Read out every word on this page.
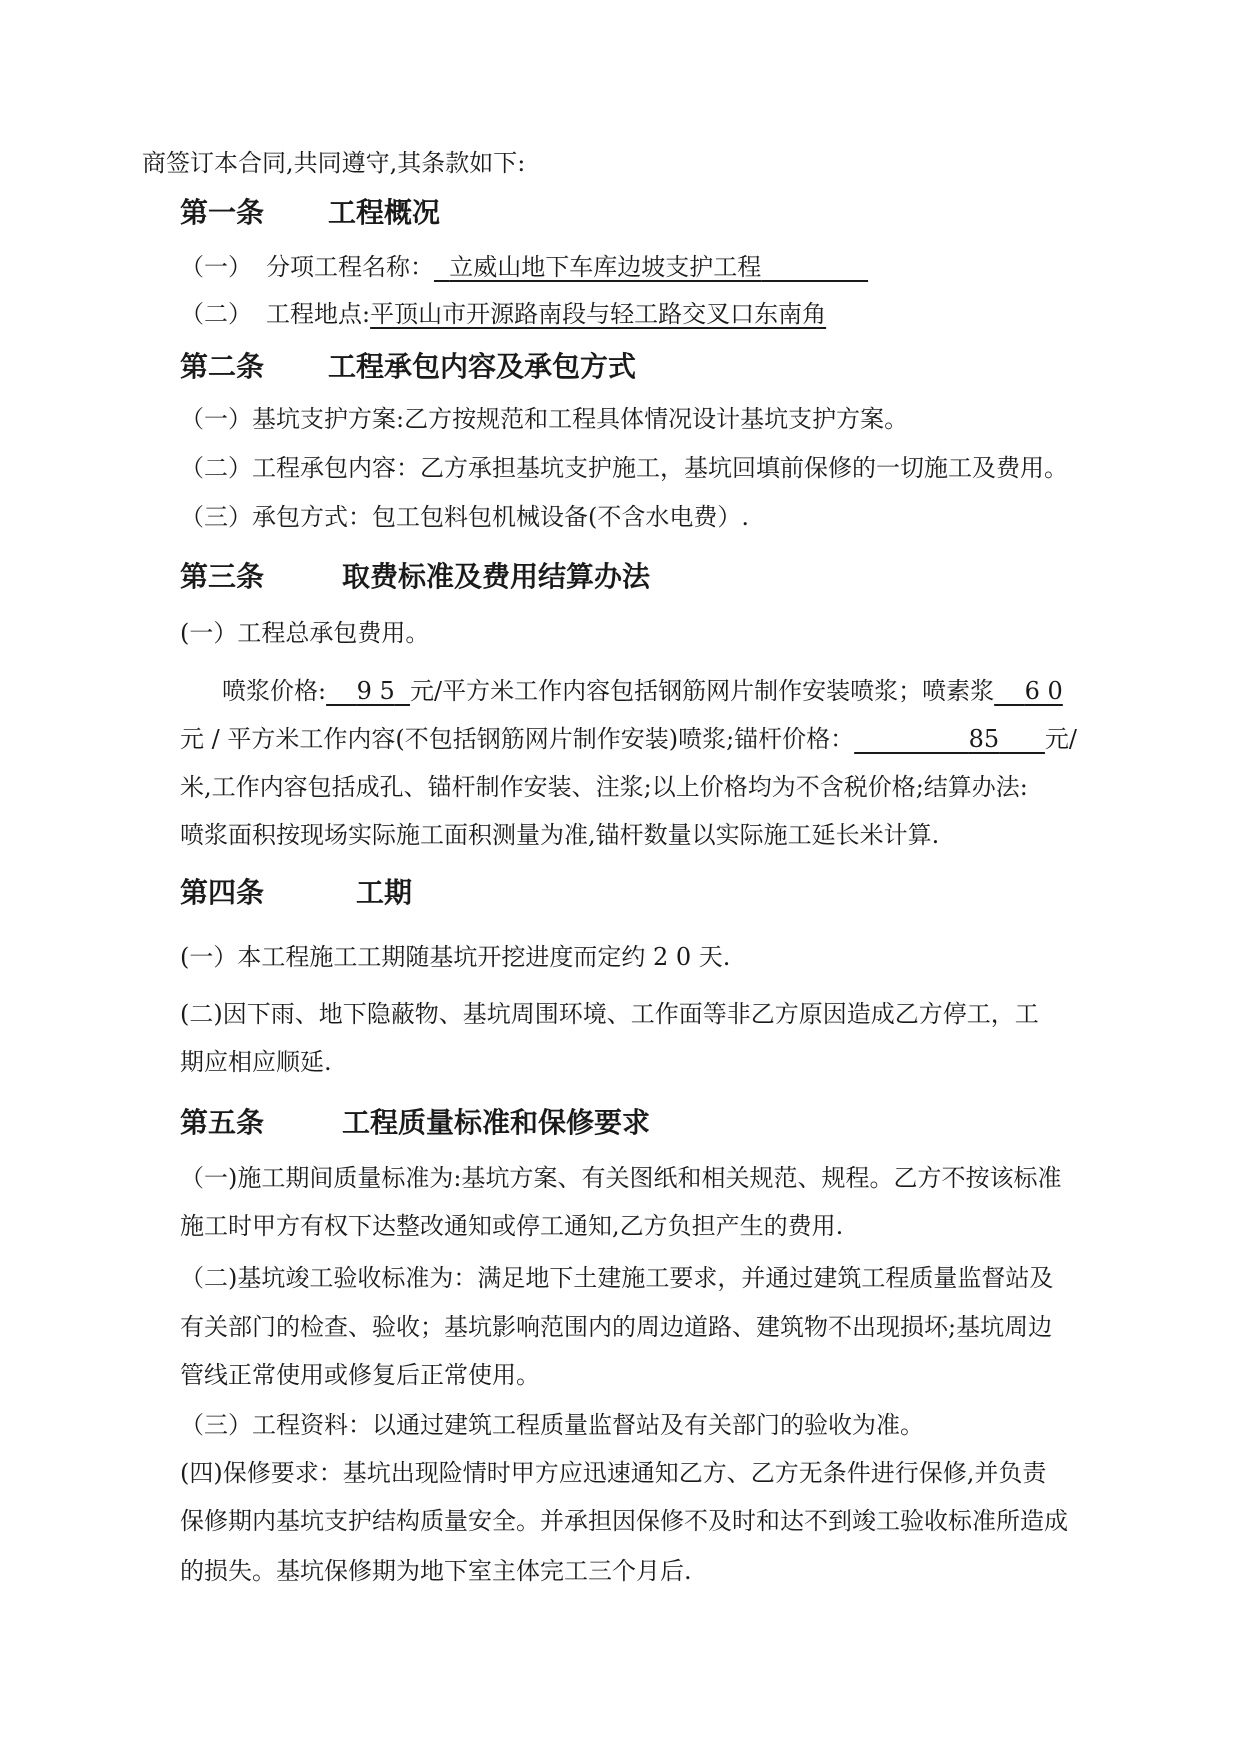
商签订本合同,共同遵守,其条款如下:
第一条 工程概况
（一） 分项工程名称： 立威山地下车库边坡支护工程
（二） 工程地点:平顶山市开源路南段与轻工路交叉口东南角
第二条 工程承包内容及承包方式
（一）基坑支护方案:乙方按规范和工程具体情况设计基坑支护方案。
（二）工程承包内容：乙方承担基坑支护施工，基坑回填前保修的一切施工及费用。
（三）承包方式：包工包料包机械设备(不含水电费）.
第三条	取费标准及费用结算办法
(一）工程总承包费用。
喷浆价格: 9 5 元/平方米工作内容包括钢筋网片制作安装喷浆；喷素浆 6 0
元 / 平方米工作内容(不包括钢筋网片制作安装)喷浆;锚杆价格：	85 元/
米,工作内容包括成孔、锚杆制作安装、注浆;以上价格均为不含税价格;结算办法:
喷浆面积按现场实际施工面积测量为准,锚杆数量以实际施工延长米计算.
第四条	工期
(一）本工程施工工期随基坑开挖进度而定约 2 0 天.
(二)因下雨、地下隐蔽物、基坑周围环境、工作面等非乙方原因造成乙方停工，工
期应相应顺延.
第五条	工程质量标准和保修要求
（一)施工期间质量标准为:基坑方案、有关图纸和相关规范、规程。乙方不按该标准
施工时甲方有权下达整改通知或停工通知,乙方负担产生的费用.
（二)基坑竣工验收标准为：满足地下土建施工要求，并通过建筑工程质量监督站及
有关部门的检查、验收；基坑影响范围内的周边道路、建筑物不出现损坏;基坑周边
管线正常使用或修复后正常使用。
（三）工程资料：以通过建筑工程质量监督站及有关部门的验收为准。
(四)保修要求：基坑出现险情时甲方应迅速通知乙方、乙方无条件进行保修,并负责
保修期内基坑支护结构质量安全。并承担因保修不及时和达不到竣工验收标准所造成
的损失。基坑保修期为地下室主体完工三个月后.
